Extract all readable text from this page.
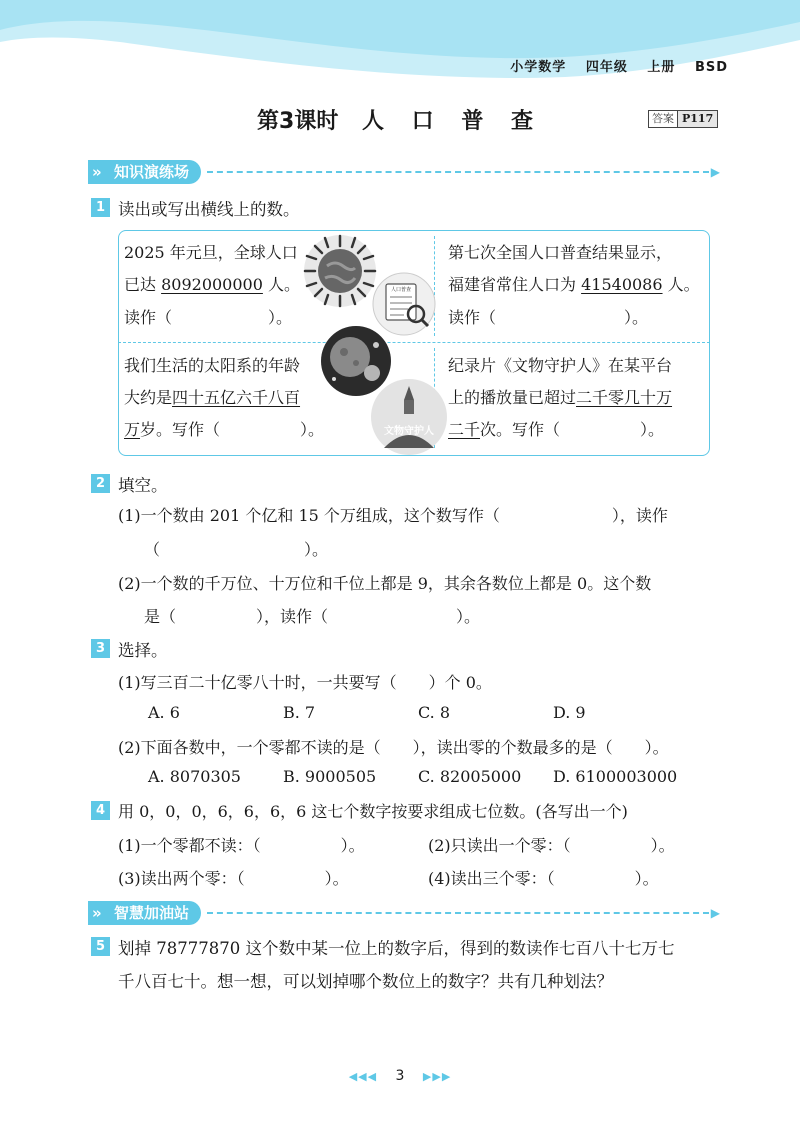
小学数学 四年级 上册 BSD
第3课时 人 口 普 查	答案 P117
» 知识演练场	▶
1 读出或写出横线上的数。
2025 年元旦，全球人口
已达 8092000000 人。
读作（　　　　　　）。
第七次全国人口普查结果显示，
福建省常住人口为 41540086 人。
读作（　　　　　　　　）。
我们生活的太阳系的年龄
大约是四十五亿六千八百
万岁。写作（　　　　　）。
纪录片《文物守护人》在某平台
上的播放量已超过二千零几十万
二千次。写作（　　　　　）。
人口普查
文物守护人
2 填空。
(1)一个数由 201 个亿和 15 个万组成，这个数写作（　　　　　　　），读作
（　　　　　　　　　）。
(2)一个数的千万位、十万位和千位上都是 9，其余各数位上都是 0。这个数
是（　　　　　），读作（　　　　　　　　）。
3 选择。
(1)写三百二十亿零八十时，一共要写（　　）个 0。
A. 6	B. 7	C. 8	D. 9
(2)下面各数中，一个零都不读的是（　　），读出零的个数最多的是（　　）。
A. 8070305	B. 9000505	C. 82005000 D. 6100003000
4 用 0，0，0，6，6，6，6 这七个数字按要求组成七位数。(各写出一个)
(1)一个零都不读：（　　　　　）。	(2)只读出一个零：（　　　　　）。
(3)读出两个零：（　　　　　）。	(4)读出三个零：（　　　　　）。
» 智慧加油站	▶
5 划掉 78777870 这个数中某一位上的数字后，得到的数读作七百八十七万七
千八百七十。想一想，可以划掉哪个数位上的数字？共有几种划法？
◀◀◀ 3 ▶▶▶
